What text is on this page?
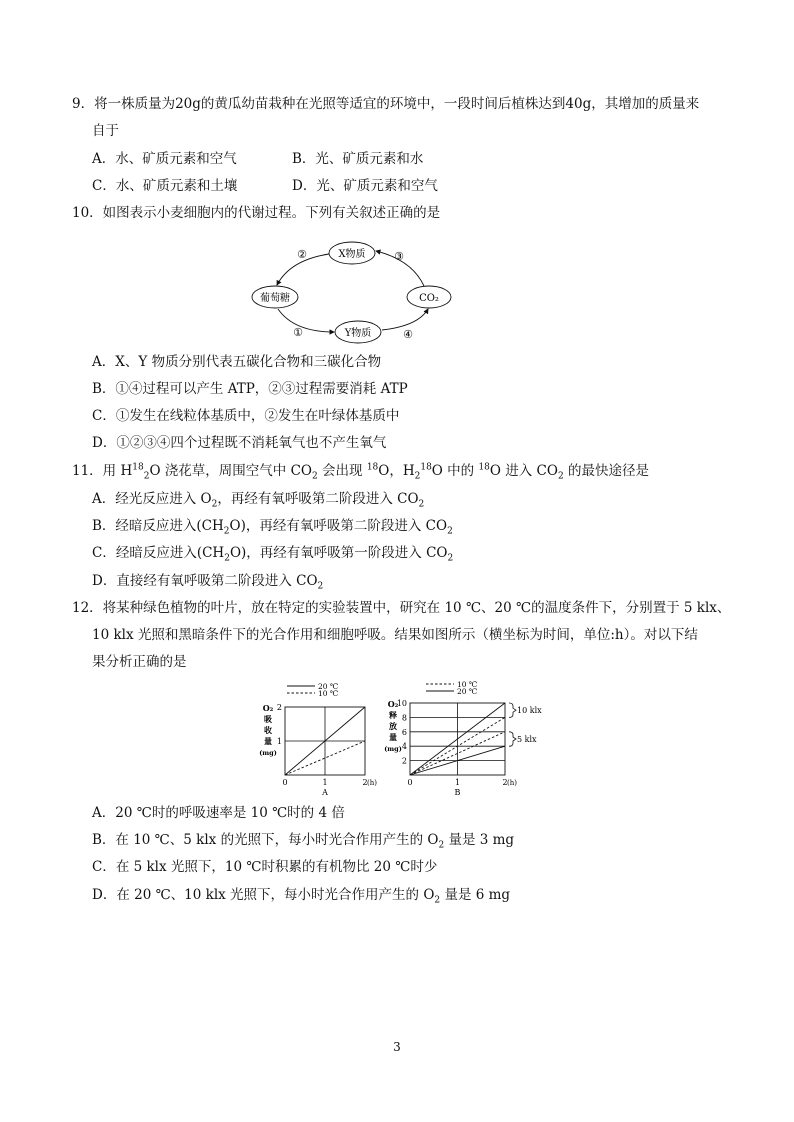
9．将一株质量为20g的黄瓜幼苗栽种在光照等适宜的环境中，一段时间后植株达到40g，其增加的质量来
自于
A．水、矿质元素和空气	B．光、矿质元素和水
C．水、矿质元素和土壤	D．光、矿质元素和空气
10．如图表示小麦细胞内的代谢过程。下列有关叙述正确的是
X物质
葡萄糖	CO₂
Y物质
②	③
①	④
A．X、Y 物质分别代表五碳化合物和三碳化合物
B．①④过程可以产生 ATP，②③过程需要消耗 ATP
C．①发生在线粒体基质中，②发生在叶绿体基质中
D．①②③④四个过程既不消耗氧气也不产生氧气
11．用 $H^{18}_2O$ 浇花草，周围空气中 $CO_2$ 会出现 $^{18}$O，$H_2^{18}O$ 中的 $^{18}$O 进入 $CO_2$ 的最快途径是
A．经光反应进入 $O_2$，再经有氧呼吸第二阶段进入 $CO_2$
B．经暗反应进入$(CH_2O)$，再经有氧呼吸第二阶段进入 $CO_2$
C．经暗反应进入$(CH_2O)$，再经有氧呼吸第一阶段进入 $CO_2$
D．直接经有氧呼吸第二阶段进入 $CO_2$
12．将某种绿色植物的叶片，放在特定的实验装置中，研究在 10 ℃、20 ℃的温度条件下，分别置于 5 klx、
10 klx 光照和黑暗条件下的光合作用和细胞呼吸。结果如图所示（横坐标为时间，单位:h）。对以下结
果分析正确的是
0	1	2
1
2
(h)
A
O₂
吸
收
量
(mg)
20 ℃
10 ℃
0	1	2
2
4
6
8
10
(h)
B
O₂
释
放
量
(mg)
10 ℃
20 ℃
10 klx
5 klx
A．20 ℃时的呼吸速率是 10 ℃时的 4 倍
B．在 10 ℃、5 klx 的光照下，每小时光合作用产生的 $O_2$ 量是 3 mg
C．在 5 klx 光照下，10 ℃时积累的有机物比 20 ℃时少
D．在 20 ℃、10 klx 光照下，每小时光合作用产生的 $O_2$ 量是 6 mg
3
